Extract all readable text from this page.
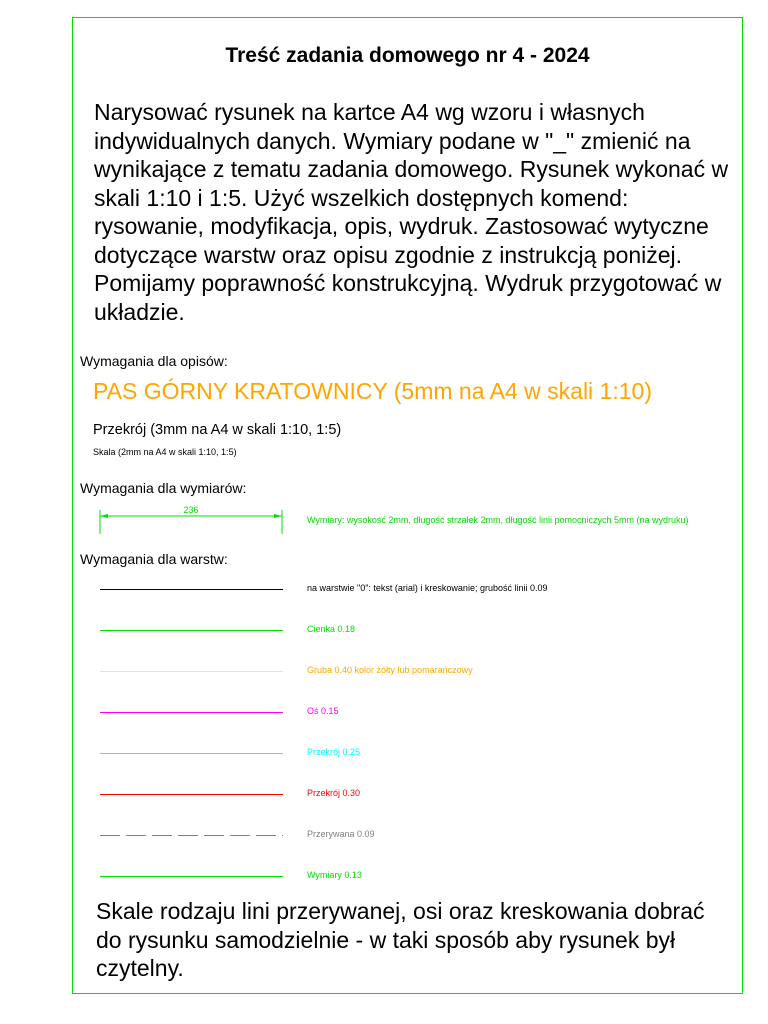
Treść zadania domowego nr 4 - 2024
Narysować rysunek na kartce A4 wg wzoru i własnych indywidualnych danych. Wymiary podane w "_" zmienić na wynikające z tematu zadania domowego. Rysunek wykonać w skali 1:10 i 1:5. Użyć wszelkich dostępnych komend: rysowanie, modyfikacja, opis, wydruk. Zastosować wytyczne dotyczące warstw oraz opisu zgodnie z instrukcją poniżej. Pomijamy poprawność konstrukcyjną. Wydruk przygotować w układzie.
Wymagania dla opisów:
PAS GÓRNY KRATOWNICY (5mm na A4 w skali 1:10)
Przekrój (3mm na A4 w skali 1:10, 1:5)
Skala (2mm na A4 w skali 1:10, 1:5)
Wymagania dla wymiarów:
236
Wymiary: wysokość 2mm, długość strzałek 2mm, długość linii pomocniczych 5mm (na wydruku)
Wymagania dla warstw:
na warstwie "0": tekst (arial) i kreskowanie; grubość linii 0.09
Cienka 0.18
Gruba 0.40 kolor żółty lub pomarańczowy
Oś 0.15
Przekrój 0.25
Przekrój 0.30
Przerywana 0.09
Wymiary 0.13
Skale rodzaju lini przerywanej, osi oraz kreskowania dobrać do rysunku samodzielnie - w taki sposób aby rysunek był czytelny.
